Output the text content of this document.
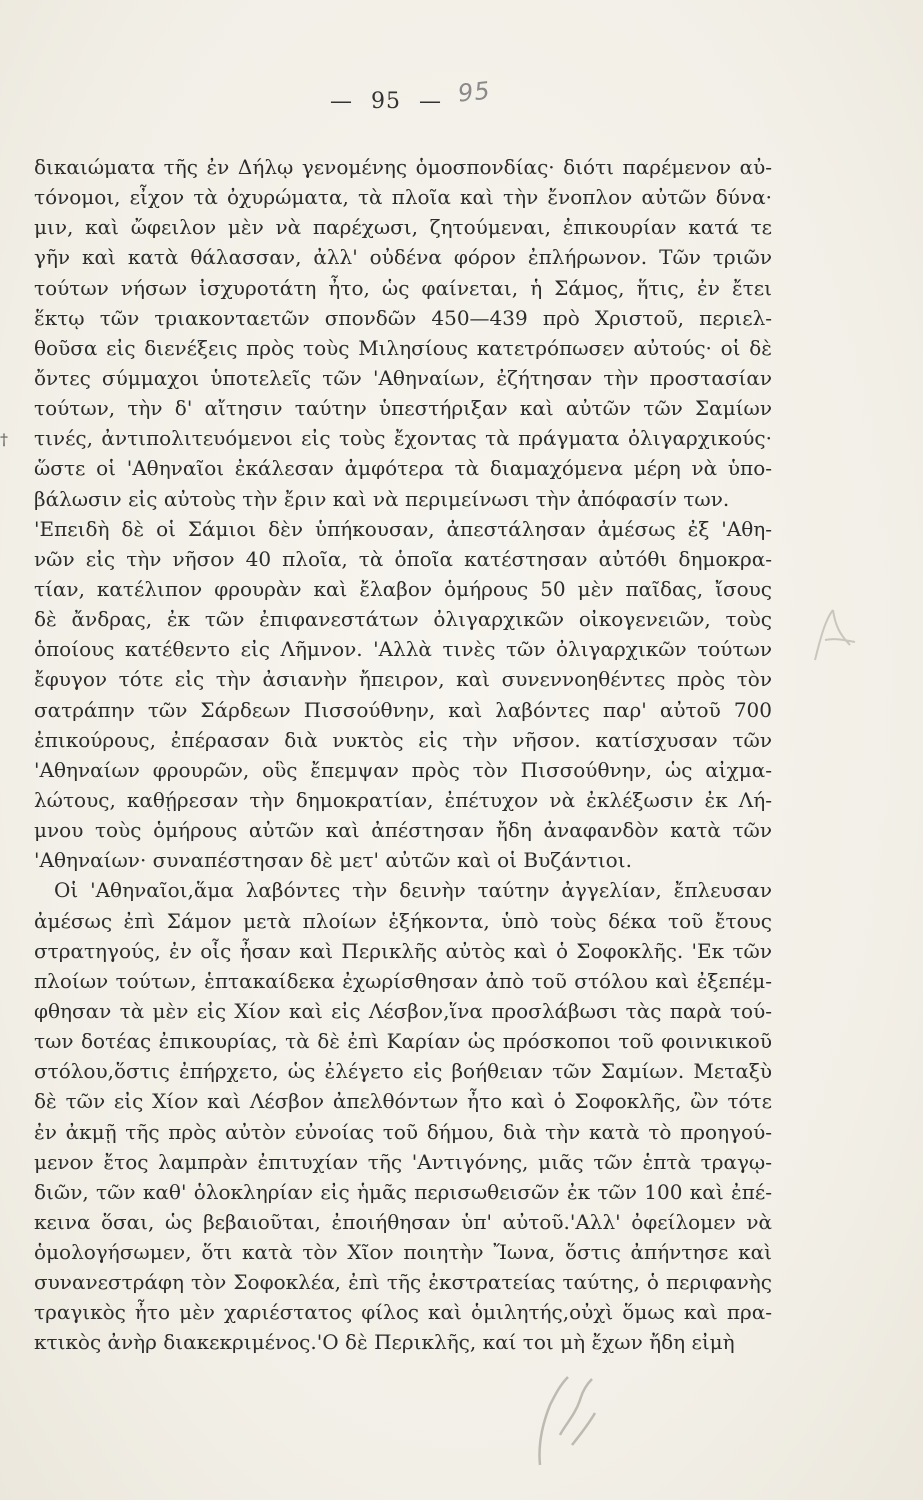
— 95 — 95
†
δικαιώματα τῆς ἐν Δήλῳ γενομένης ὁμοσπονδίας· διότι παρέμενον αὐ-
τόνομοι, εἶχον τὰ ὀχυρώματα, τὰ πλοῖα καὶ τὴν ἔνοπλον αὐτῶν δύνα·
μιν, καὶ ὤφειλον μὲν νὰ παρέχωσι, ζητούμεναι, ἐπικουρίαν κατά τε
γῆν καὶ κατὰ θάλασσαν, ἀλλ' οὐδένα φόρον ἐπλήρωνον. Τῶν τριῶν
τούτων νήσων ἰσχυροτάτη ἦτο, ὡς φαίνεται, ἡ Σάμος, ἥτις, ἐν ἔτει
ἕκτῳ τῶν τριακονταετῶν σπονδῶν 450—439 πρὸ Χριστοῦ, περιελ-
θοῦσα εἰς διενέξεις πρὸς τοὺς Μιλησίους κατετρόπωσεν αὐτούς· οἱ δὲ
ὄντες σύμμαχοι ὑποτελεῖς τῶν 'Αθηναίων, ἐζήτησαν τὴν προστασίαν
τούτων, τὴν δ' αἴτησιν ταύτην ὑπεστήριξαν καὶ αὐτῶν τῶν Σαμίων
τινές, ἀντιπολιτευόμενοι εἰς τοὺς ἔχοντας τὰ πράγματα ὀλιγαρχικούς·
ὥστε οἱ 'Αθηναῖοι ἐκάλεσαν ἀμφότερα τὰ διαμαχόμενα μέρη νὰ ὑπο-
βάλωσιν εἰς αὐτοὺς τὴν ἔριν καὶ νὰ περιμείνωσι τὴν ἀπόφασίν των.
'Επειδὴ δὲ οἱ Σάμιοι δὲν ὑπήκουσαν, ἀπεστάλησαν ἀμέσως ἐξ 'Αθη-
νῶν εἰς τὴν νῆσον 40 πλοῖα, τὰ ὁποῖα κατέστησαν αὐτόθι δημοκρα-
τίαν, κατέλιπον φρουρὰν καὶ ἔλαβον ὁμήρους 50 μὲν παῖδας, ἴσους
δὲ ἄνδρας, ἐκ τῶν ἐπιφανεστάτων ὀλιγαρχικῶν οἰκογενειῶν, τοὺς
ὁποίους κατέθεντο εἰς Λῆμνον. 'Αλλὰ τινὲς τῶν ὀλιγαρχικῶν τούτων
ἔφυγον τότε εἰς τὴν ἀσιανὴν ἤπειρον, καὶ συνεννοηθέντες πρὸς τὸν
σατράπην τῶν Σάρδεων Πισσούθνην, καὶ λαβόντες παρ' αὐτοῦ 700
ἐπικούρους, ἐπέρασαν διὰ νυκτὸς εἰς τὴν νῆσον. κατίσχυσαν τῶν
'Αθηναίων φρουρῶν, οὓς ἔπεμψαν πρὸς τὸν Πισσούθνην, ὡς αἰχμα-
λώτους, καθῄρεσαν τὴν δημοκρατίαν, ἐπέτυχον νὰ ἐκλέξωσιν ἐκ Λή-
μνου τοὺς ὁμήρους αὐτῶν καὶ ἀπέστησαν ἤδη ἀναφανδὸν κατὰ τῶν
'Αθηναίων· συναπέστησαν δὲ μετ' αὐτῶν καὶ οἱ Βυζάντιοι.
Οἱ 'Αθηναῖοι,ἅμα λαβόντες τὴν δεινὴν ταύτην ἀγγελίαν, ἔπλευσαν
ἀμέσως ἐπὶ Σάμον μετὰ πλοίων ἑξήκοντα, ὑπὸ τοὺς δέκα τοῦ ἔτους
στρατηγούς, ἐν οἷς ἦσαν καὶ Περικλῆς αὐτὸς καὶ ὁ Σοφοκλῆς. 'Εκ τῶν
πλοίων τούτων, ἑπτακαίδεκα ἐχωρίσθησαν ἀπὸ τοῦ στόλου καὶ ἐξεπέμ-
φθησαν τὰ μὲν εἰς Χίον καὶ εἰς Λέσβον,ἵνα προσλάβωσι τὰς παρὰ τού-
των δοτέας ἐπικουρίας, τὰ δὲ ἐπὶ Καρίαν ὡς πρόσκοποι τοῦ φοινικικοῦ
στόλου,ὅστις ἐπήρχετο, ὡς ἐλέγετο εἰς βοήθειαν τῶν Σαμίων. Μεταξὺ
δὲ τῶν εἰς Χίον καὶ Λέσβον ἀπελθόντων ἦτο καὶ ὁ Σοφοκλῆς, ὢν τότε
ἐν ἀκμῇ τῆς πρὸς αὐτὸν εὐνοίας τοῦ δήμου, διὰ τὴν κατὰ τὸ προηγού-
μενον ἔτος λαμπρὰν ἐπιτυχίαν τῆς 'Αντιγόνης, μιᾶς τῶν ἑπτὰ τραγῳ-
διῶν, τῶν καθ' ὁλοκληρίαν εἰς ἡμᾶς περισωθεισῶν ἐκ τῶν 100 καὶ ἐπέ-
κεινα ὅσαι, ὡς βεβαιοῦται, ἐποιήθησαν ὑπ' αὐτοῦ.'Αλλ' ὀφείλομεν νὰ
ὁμολογήσωμεν, ὅτι κατὰ τὸν Χῖον ποιητὴν Ἴωνα, ὅστις ἀπήντησε καὶ
συνανεστράφη τὸν Σοφοκλέα, ἐπὶ τῆς ἐκστρατείας ταύτης, ὁ περιφανὴς
τραγικὸς ἦτο μὲν χαριέστατος φίλος καὶ ὁμιλητής,οὐχὶ ὅμως καὶ πρα-
κτικὸς ἀνὴρ διακεκριμένος.'Ο δὲ Περικλῆς, καί τοι μὴ ἔχων ἤδη εἰμὴ
